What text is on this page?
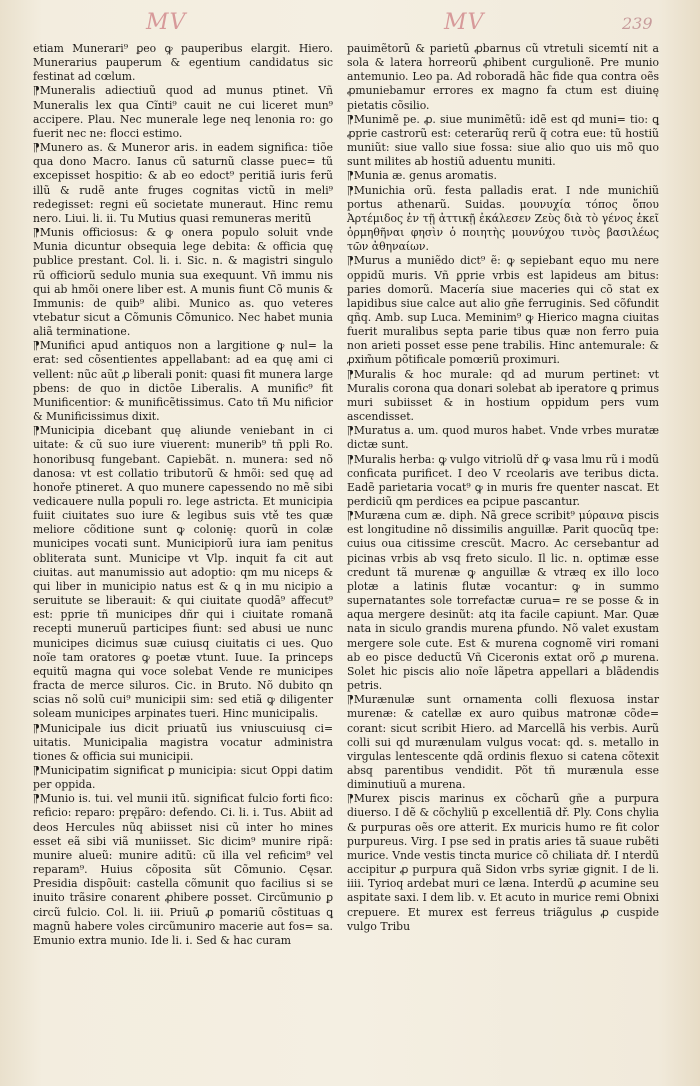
MV	MV	239

etiam Munerari⁹ ꝑeo ꝙ pauperibus elargit. Hiero. Munerarius pauperum & egentium candidatus sic festinat ad cœlum.

⁋Muneralis adiectiuũ quod ad munus ptinet. Vñ Muneralis lex qua Cĩnti⁹ cauit ne cui liceret mun⁹ accipere. Plau. Nec munerale lege neq lenonia ro: go fuerit nec ne: flocci estimo.

⁋Munero as. & Muneror aris. in eadem significa: tiõe qua dono Macro. Ianus cũ saturnũ classe puec= tũ excepisset hospitio: & ab eo edoct⁹ peritiã iuris ferũ illũ & rudẽ ante fruges cognitas victũ in meli⁹ redegisset: regni eũ societate muneraut. Hinc remu nero. Liui. li. ii. Tu Mutius quasi remuneras meritũ

⁋Munis officiosus: & ꝙ onera populo soluit vnde Munia dicuntur obsequia lege debita: & officia quę publice prestant. Col. li. i. Sic. n. & magistri singulo rũ officiorũ sedulo munia sua exequunt. Vñ immu nis qui ab hmõi onere liber est. A munis fiunt Cõ munis & Immunis: de quib⁹ alibi. Munico as. quo veteres vtebatur sicut a Cõmunis Cõmunico. Nec habet munia aliã terminatione.

⁋Munifici apud antiquos non a largitione ꝙ nul= la erat: sed cõsentientes appellabant: ad ea quę ami ci vellent: nũc aũt ꝓ liberali ponit: quasi fit munera large pbens: de quo in dictõe Liberalis. A munific⁹ fit Munificentior: & munificẽtissimus. Cato tñ Mu nificior & Munificissimus dixit.

⁋Municipia dicebant quę aliunde veniebant in ci uitate: & cũ suo iure viuerent: munerib⁹ tñ ppli Ro. honoribusq fungebant. Capiebãt. n. munera: sed nõ danosa: vt est collatio tributorũ & hmõi: sed quę ad honoře ptineret. A quo munere capessendo no mẽ sibi vedicauere nulla populi ro. lege astricta. Et municipia fuiit ciuitates suo iure & legibus suis vtě tes quæ meliore cõditione sunt ꝙ colonię: quorũ in colæ municipes vocati sunt. Municipiorũ iura iam penitus obliterata sunt. Municipe vt Vlp. inquit fa cit aut ciuitas. aut manumissio aut adoptio: qm mu niceps & qui liber in municipio natus est & ꝗ in mu nicipio a seruitute se liberauit: & qui ciuitate quodã⁹ affecut⁹ est: pprie tñ municipes dñr qui i ciuitate romanã recepti muneruũ participes fiunt: sed abusi ue nunc municipes dicimus suæ cuiusq ciuitatis ci ues. Quo noĩe tam oratores ꝙ poetæ vtunt. Iuue. Ia princeps equitũ magna qui voce solebat Vende re municipes fracta de merce siluros. Cic. in Bruto. Nõ dubito qn scias nõ solũ cui⁹ municipii sim: sed etiã ꝙ diligenter soleam municipes arpinates tueri. Hinc municipalis.

⁋Municipale ius dicit priuatũ ius vniuscuiusq ci= uitatis. Municipalia magistra vocatur administra tiones & officia sui municipii.

⁋Municipatim significat ꝑ municipia: sicut Oppi datim per oppida.

⁋Munio is. tui. vel munii itũ. significat fulcio forti fico: reficio: reparo: prępãro: defendo. Ci. li. i. Tus. Abiit ad deos Hercules nũq abiisset nisi cũ inter ho mines esset eã sibi viã muniisset. Sic dicim⁹ munire ripã: munire alueũ: munire aditũ: cũ illa vel reficim⁹ vel reparam⁹. Huius cõposita sũt Cõmunio. Cęsar. Presidia dispõuit: castella cõmunit quo facilius si se inuito trãsire conarent ꝓhibere posset. Circũmunio ꝑ circũ fulcio. Col. li. iii. Priuũ ꝓ pomariũ cõstituas ꝗ magnũ habere voles circũmuniro macerie aut fos= sa. Emunio extra munio. Ide li. i. Sed & hac curam

pauimẽtorũ & parietũ ꝓbarnus cũ vtretuli sicemtí nit a sola & latera horreorũ ꝓhibent curgulionẽ. Pre munio antemunio. Leo pa. Ad roboradã hãc fide qua contra oẽs ꝓmuniebamur errores ex magno fa ctum est diuinę pietatis cõsilio.

⁋Munimẽ pe. ꝓ. siue munimẽtũ: idẽ est qd muni= tio: ꝗ ꝓprie castrorũ est: ceterarũq rerũ q̃ cotra eue: tũ hostiũ muniũt: siue vallo siue fossa: siue alio quo uis mõ quo sunt milites ab hostiũ aduentu muniti.

⁋Munia æ. genus aromatis.

⁋Munichia orũ. festa palladis erat. I nde munichiũ portus athenarũ. Suidas. μουνυχία τόπος ὅπου Ἀρτέμιδος ἐν τῇ ἀττικῇ ἐκάλεσεν Ζεὺς διὰ τὸ γένος ἐκεῖ ὁρμηθῆναι φησὶν ὁ ποιητὴς μουνύχου τινὸς βασιλέως τῶν ἀθηναίων.

⁋Murus a muniẽdo dict⁹ ẽ: ꝙ sepiebant equo mu nere oppidũ muris. Vñ ꝑprie vrbis est lapideus am bitus: paries domorũ. Macería siue maceries qui cõ stat ex lapidibus siue calce aut alio gñe ferruginis. Sed cõfundit qñq. Amb. sup Luca. Meminim⁹ ꝙ Hierico magna ciuitas fuerit muralibus septa parie tibus quæ non ferro puia non arieti posset esse pene trabilis. Hinc antemurale: & ꝓxim̃um põtificale pomœriũ proximuri.

⁋Muralis & hoc murale: qd ad murum pertinet: vt Muralis corona qua donari solebat ab iperatore ꝗ primus muri subiisset & in hostium oppidum pers vum ascendisset.

⁋Muratus a. um. quod muros habet. Vnde vrbes muratæ dictæ sunt.

⁋Muralis herba: ꝙ vulgo vitriolũ dř ꝙ vasa lmu rũ i modũ conficata purificet. I deo V rceolaris ave teribus dicta. Eadẽ parietaria vocat⁹ ꝙ in muris fre quenter nascat. Et perdiciũ qm perdices ea pcipue pascantur.

⁋Muræna cum æ. diph. Nã grece scribit⁹ μύραινα piscis est longitudine nõ dissimilis anguillæ. Parit quocũq tpe: cuius oua citissime crescũt. Macro. Ac cersebantur ad picinas vrbis ab vsq freto siculo. Il lic. n. optimæ esse credunt tã murenæ ꝙ anguillæ & vtræq ex illo loco plotæ a latinis flutæ vocantur: ꝙ in summo supernatantes sole torrefactæ curua= re se posse & in aqua mergere desinũt: atq ita facile capiunt. Mar. Quæ nata in siculo grandis murena ꝑfundo. Nõ valet exustam mergere sole cute. Est & murena cognomẽ viri romani ab eo pisce deductũ Vñ Ciceronis extat orõ ꝓ murena. Solet hic piscis alio noĩe lãpetra appellari a blãdendis petris.

⁋Murænulæ sunt ornamenta colli flexuosa instar murenæ: & catellæ ex auro quibus matronæ cõde= corant: sicut scribit Hiero. ad Marcellã his verbis. Aurũ colli sui qd murænulam vulgus vocat: qd. s. metallo in virgulas lentescente qdã ordinis flexuo si catena cõtexit absq parentibus vendidit. Põt tñ murænula esse diminutiuũ a murena.

⁋Murex piscis marinus ex cõcharũ gñe a purpura diuerso. I dẽ & cõchyliũ p excellentiã dř. Ply. Cons chylia & purpuras oẽs ore atterit. Ex muricis humo re fit color purpureus. Virg. I pse sed in pratis aries tã suaue rubẽti murice. Vnde vestis tincta murice cõ chiliata dř. I nterdũ accipitur ꝓ purpura quã Sidon vrbs syriæ gignit. I de li. iiii. Tyrioq ardebat muri ce læna. Interdũ ꝓ acumine seu aspitate saxi. I dem lib. v. Et acuto in murice remi Obnixi crepuere. Et murex est ferreus triãgulus ꝓ cuspide vulgo Tribu
